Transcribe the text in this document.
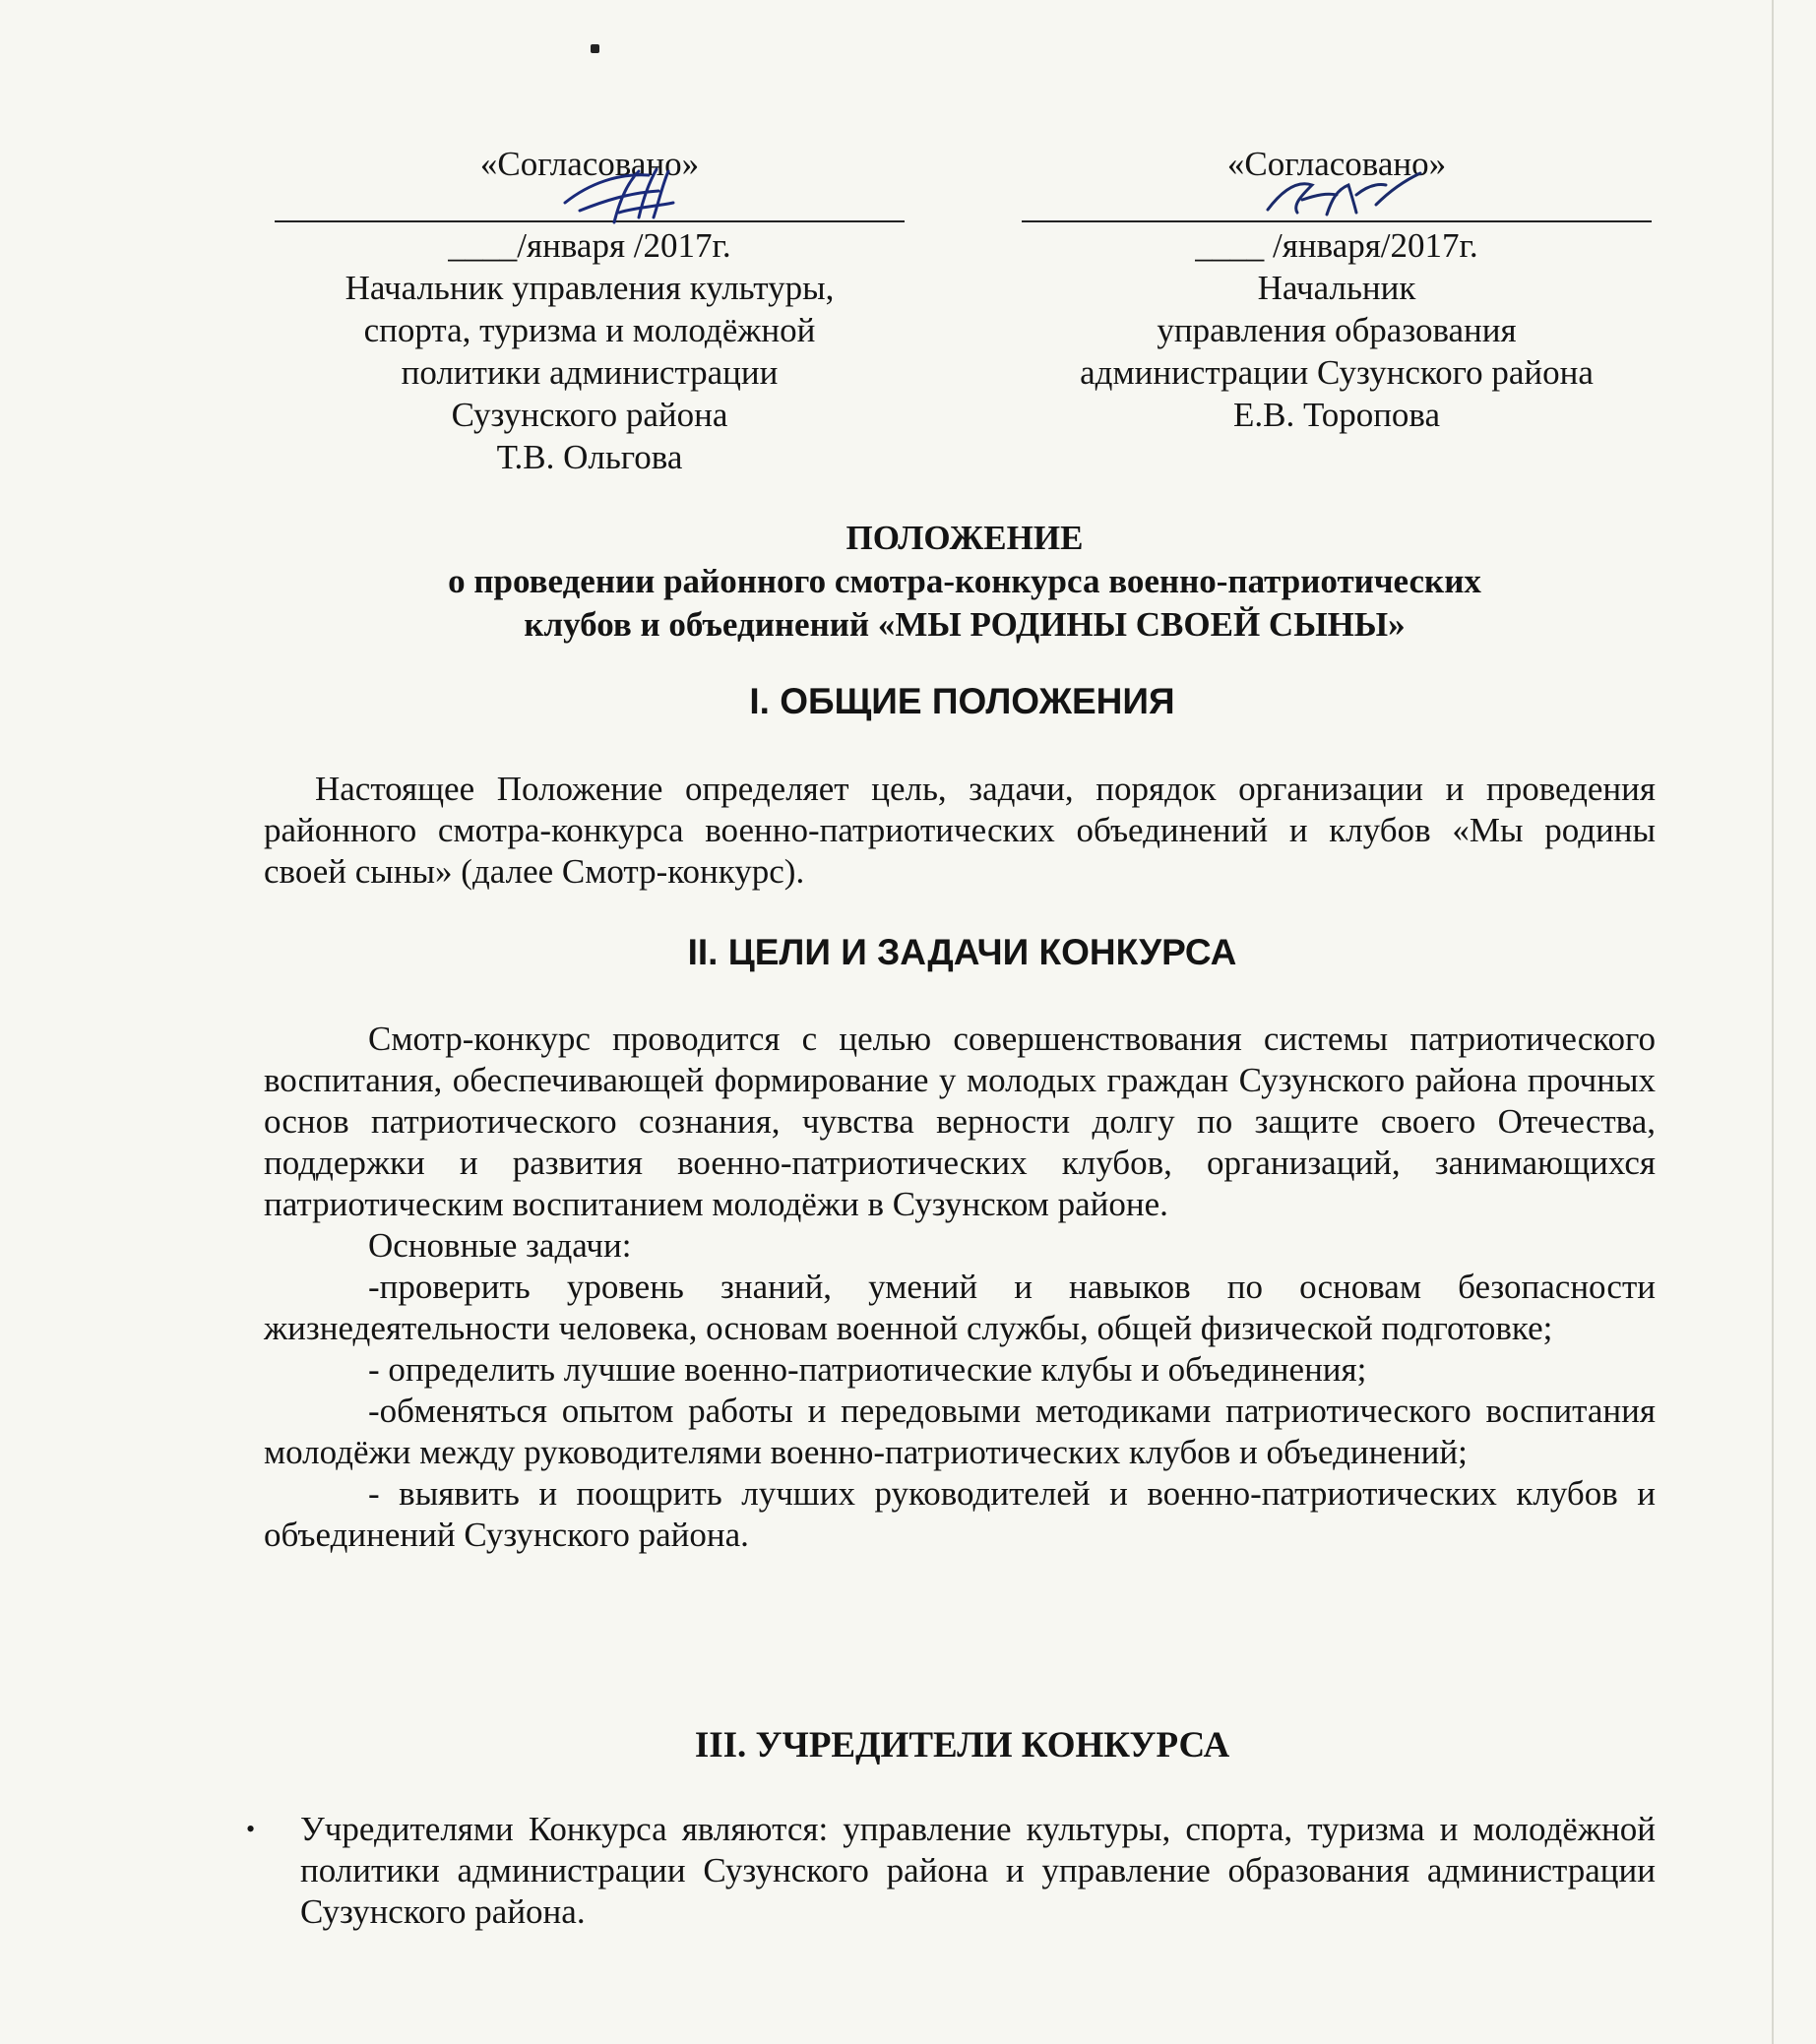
«Согласовано»
____/января /2017г.
Начальник управления культуры,
спорта, туризма и молодёжной
политики администрации
Сузунского района
Т.В. Ольгова
«Согласовано»
____ /января/2017г.
Начальник
управления образования
администрации Сузунского района
Е.В. Торопова
ПОЛОЖЕНИЕ
о проведении районного смотра-конкурса военно-патриотических
клубов и объединений «МЫ РОДИНЫ СВОЕЙ СЫНЫ»
I. ОБЩИЕ ПОЛОЖЕНИЯ

Настоящее Положение определяет цель, задачи, порядок организации и проведения районного смотра-конкурса военно-патриотических объединений и клубов «Мы родины своей сыны» (далее Смотр-конкурс).

II. ЦЕЛИ И ЗАДАЧИ КОНКУРСА

Смотр-конкурс проводится с целью совершенствования системы патриотического воспитания, обеспечивающей формирование у молодых граждан Сузунского района прочных основ патриотического сознания, чувства верности долгу по защите своего Отечества, поддержки и развития военно-патриотических клубов, организаций, занимающихся патриотическим воспитанием молодёжи в Сузунском районе.

Основные задачи:

-проверить уровень знаний, умений и навыков по основам безопасности жизнедеятельности человека, основам военной службы, общей физической подготовке;

- определить лучшие военно-патриотические клубы и объединения;

-обменяться опытом работы и передовыми методиками патриотического воспитания молодёжи между руководителями военно-патриотических клубов и объединений;

- выявить и поощрить лучших руководителей и военно-патриотических клубов и объединений Сузунского района.

III. УЧРЕДИТЕЛИ КОНКУРСА
• Учредителями Конкурса являются: управление культуры, спорта, туризма и молодёжной политики администрации Сузунского района и управление образования администрации Сузунского района.
